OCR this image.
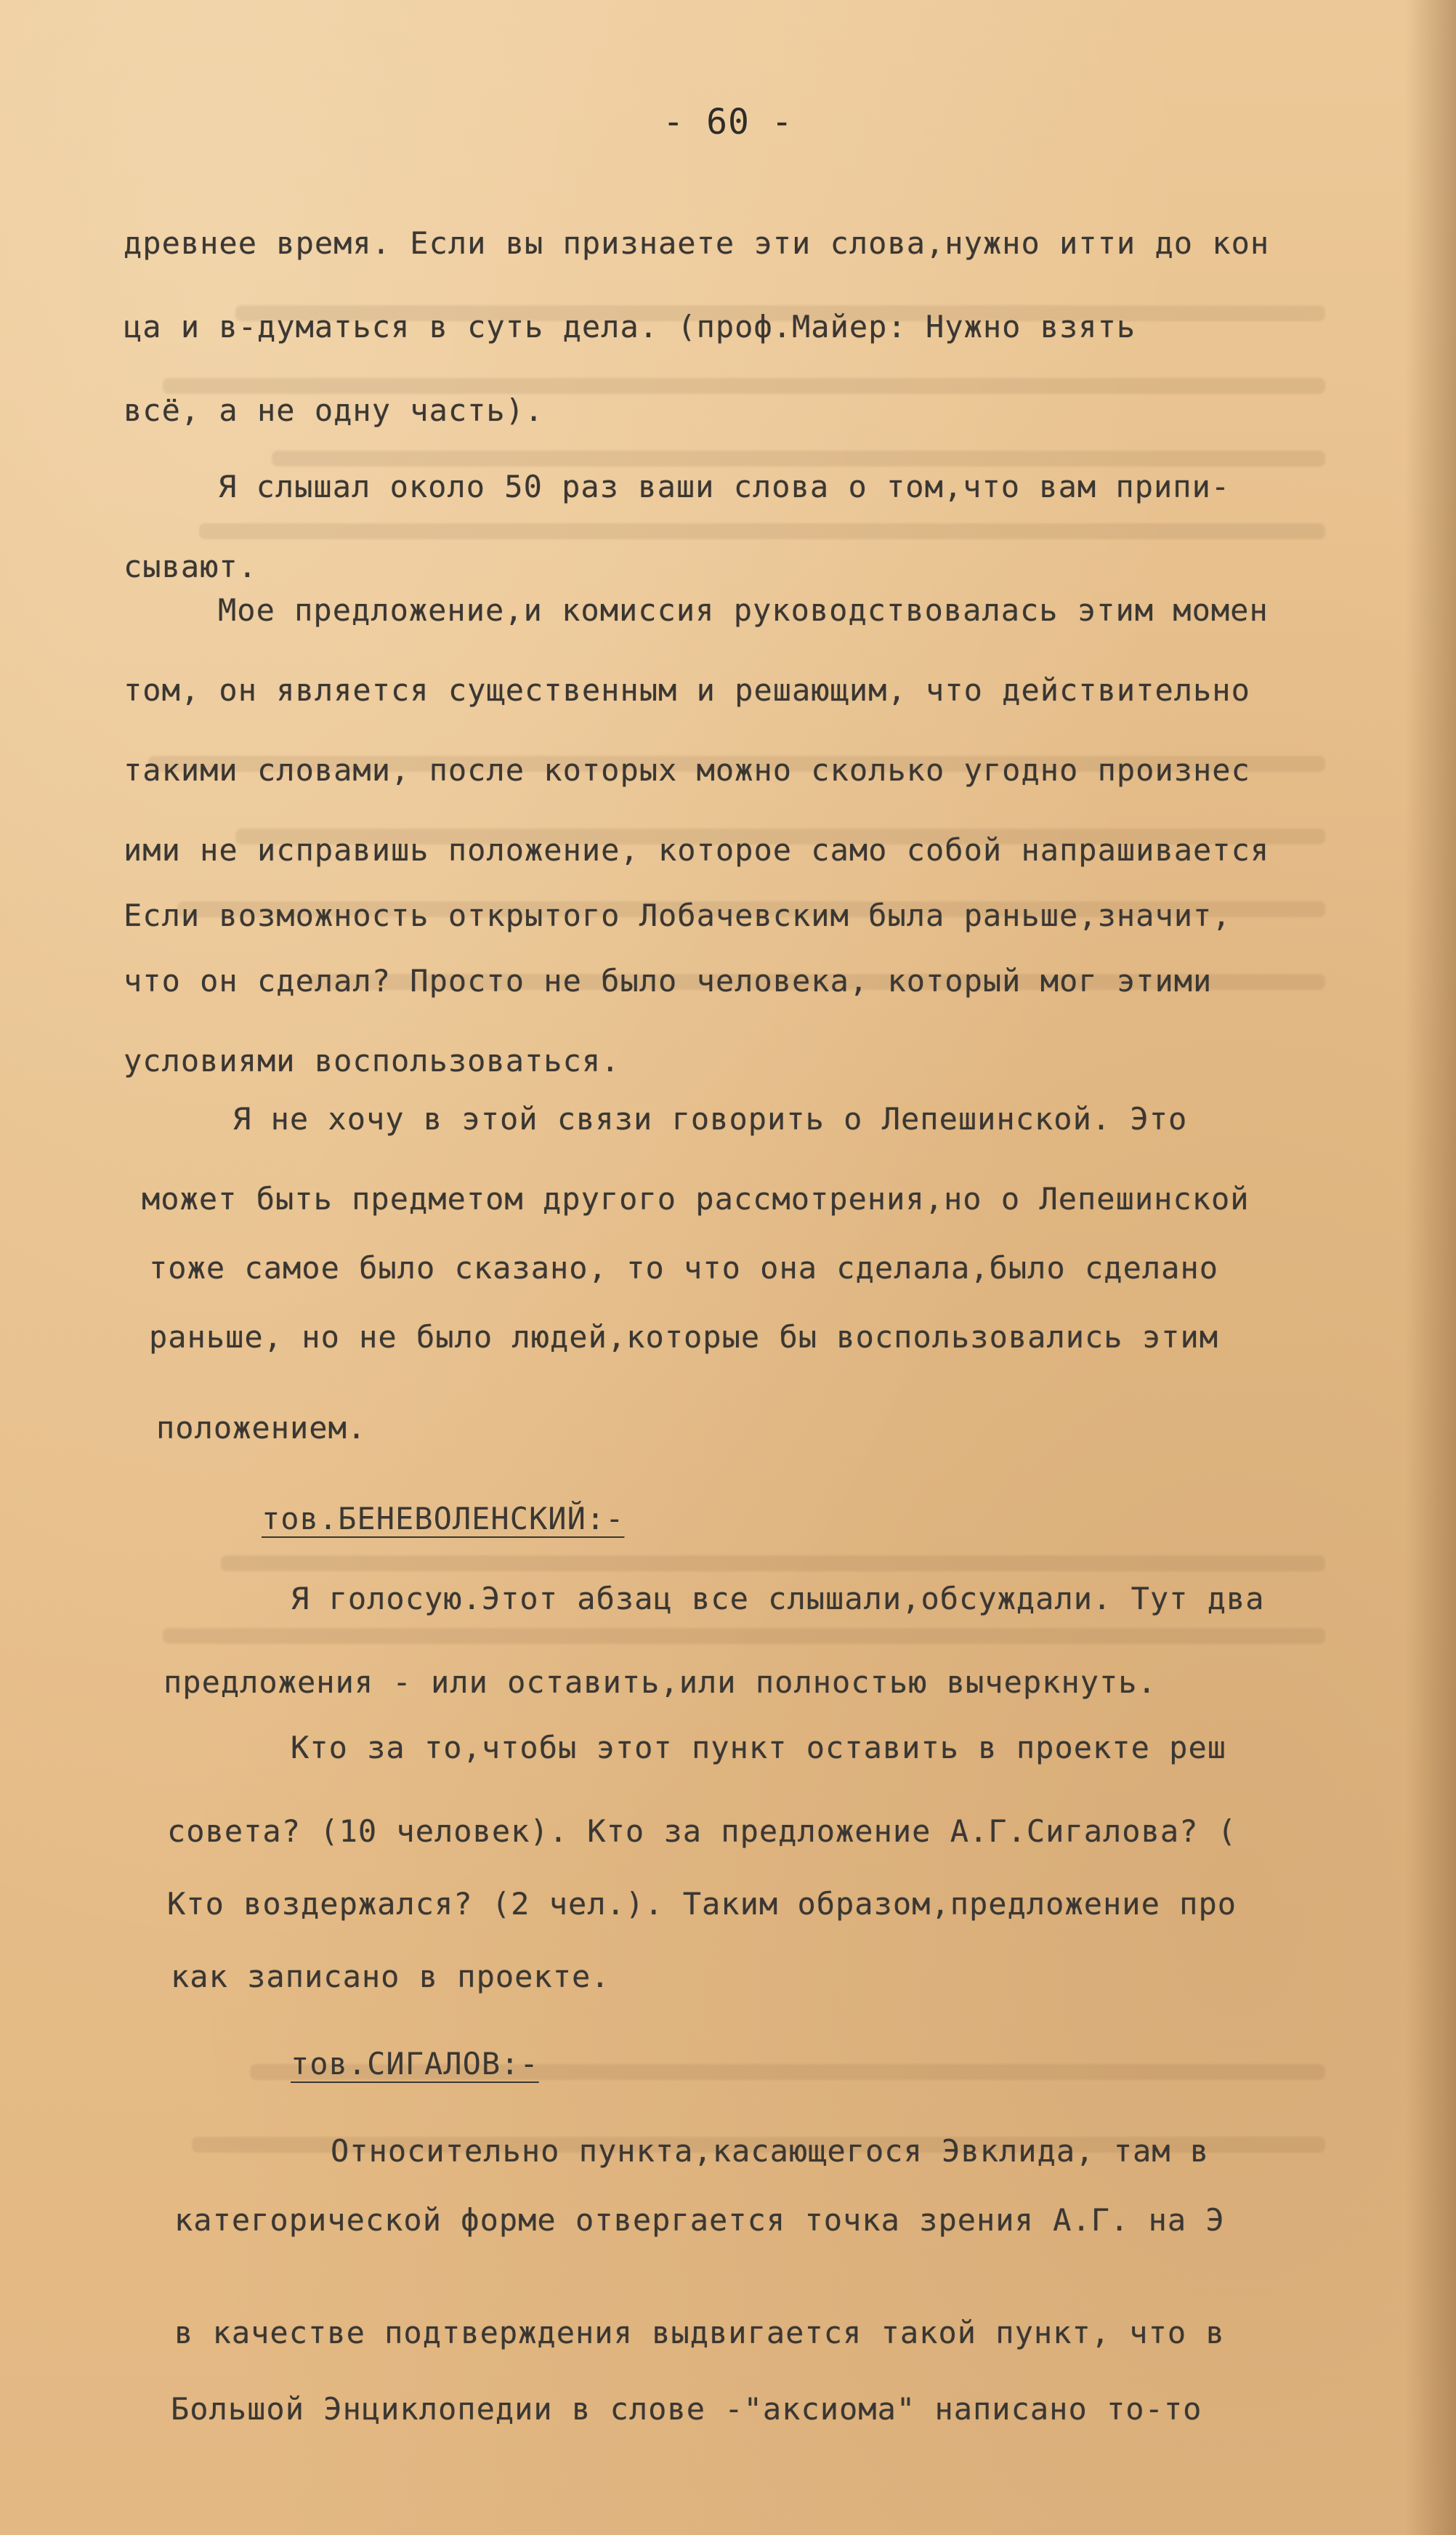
- 60 -
древнее время. Если вы признаете эти слова,нужно итти до кон
ца и в-думаться в суть дела. (проф.Майер: Нужно взять
всё, а не одну часть).
Я слышал около 50 раз ваши слова о том,что вам припи-
сывают.
Мое предложение,и комиссия руководствовалась этим момен
том, он является существенным и решающим, что действительно
такими словами, после которых можно сколько угодно произнес
ими не исправишь положение, которое само собой напрашивается
Если возможность открытого Лобачевским была раньше,значит,
что он сделал? Просто не было человека, который мог этими
условиями воспользоваться.
Я не хочу в этой связи говорить о Лепешинской. Это
может быть предметом другого рассмотрения,но о Лепешинской
тоже самое было сказано, то что она сделала,было сделано
раньше, но не было людей,которые бы воспользовались этим
положением.
тов.БЕНЕВОЛЕНСКИЙ:-
Я голосую.Этот абзац все слышали,обсуждали. Тут два
предложения - или оставить,или полностью вычеркнуть.
Кто за то,чтобы этот пункт оставить в проекте реш
совета? (10 человек). Кто за предложение А.Г.Сигалова? (
Кто воздержался? (2 чел.). Таким образом,предложение про
как записано в проекте.
тов.СИГАЛОВ:-
Относительно пункта,касающегося Эвклида, там в
категорической форме отвергается точка зрения А.Г. на Э
в качестве подтверждения выдвигается такой пункт, что в
Большой Энциклопедии в слове -"аксиома" написано то-то
